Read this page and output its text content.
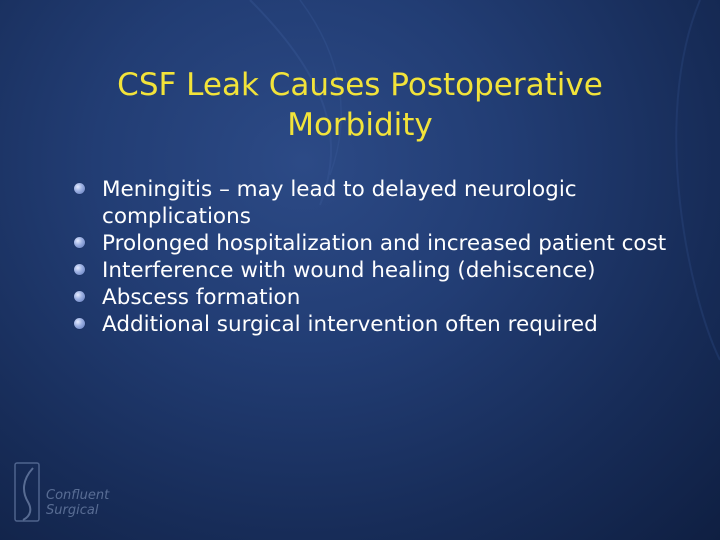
CSF Leak Causes Postoperative
Morbidity
Meningitis – may lead to delayed neurologic complications
Prolonged hospitalization and increased patient cost
Interference with wound healing (dehiscence)
Abscess formation
Additional surgical intervention often required
Confluent
Surgical
